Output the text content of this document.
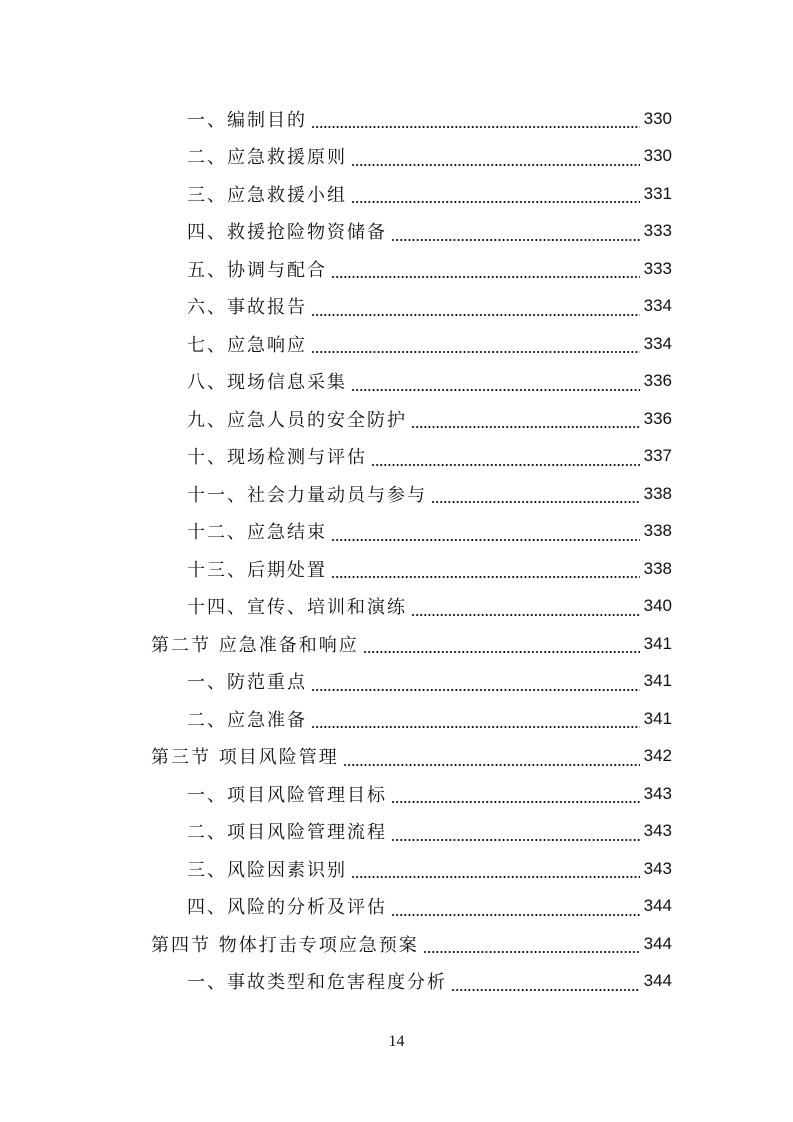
一、编制目的	330
二、应急救援原则	330
三、应急救援小组	331
四、救援抢险物资储备	333
五、协调与配合	333
六、事故报告	334
七、应急响应	334
八、现场信息采集	336
九、应急人员的安全防护	336
十、现场检测与评估	337
十一、社会力量动员与参与	338
十二、应急结束	338
十三、后期处置	338
十四、宣传、培训和演练	340
第二节 应急准备和响应	341
一、防范重点	341
二、应急准备	341
第三节 项目风险管理	342
一、项目风险管理目标	343
二、项目风险管理流程	343
三、风险因素识别	343
四、风险的分析及评估	344
第四节 物体打击专项应急预案	344
一、事故类型和危害程度分析	344
14
